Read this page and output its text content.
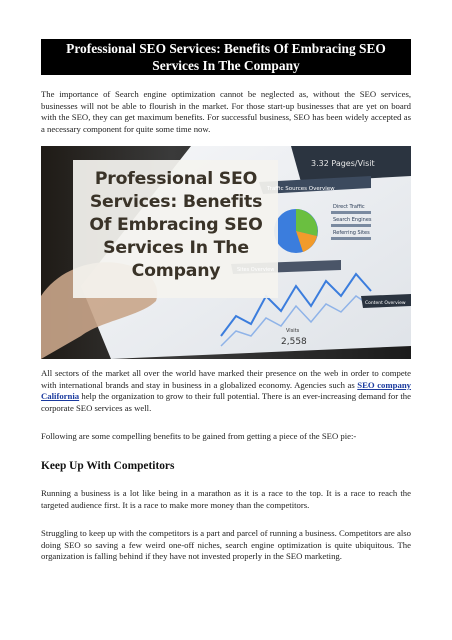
Professional SEO Services: Benefits Of Embracing SEO Services In The Company

The importance of Search engine optimization cannot be neglected as, without the SEO services, businesses will not be able to flourish in the market. For those start-up businesses that are yet on board with the SEO, they can get maximum benefits. For successful business, SEO has been widely accepted as a necessary component for quite some time now.

3.32 Pages/Visit
Traffic Sources Overview
Direct Traffic
Search Engines
Referring Sites
Sites Overview
Visits
2,558
Content Overview
Professional SEO Services: Benefits Of Embracing SEO Services In The Company

All sectors of the market all over the world have marked their presence on the web in order to compete with international brands and stay in business in a globalized economy. Agencies such as SEO company California help the organization to grow to their full potential. There is an ever-increasing demand for the corporate SEO services as well.

Following are some compelling benefits to be gained from getting a piece of the SEO pie:-

Keep Up With Competitors

Running a business is a lot like being in a marathon as it is a race to the top. It is a race to reach the targeted audience first. It is a race to make more money than the competitors.

Struggling to keep up with the competitors is a part and parcel of running a business. Competitors are also doing SEO so saving a few weird one-off niches, search engine optimization is quite ubiquitous. The organization is falling behind if they have not invested properly in the SEO marketing.
